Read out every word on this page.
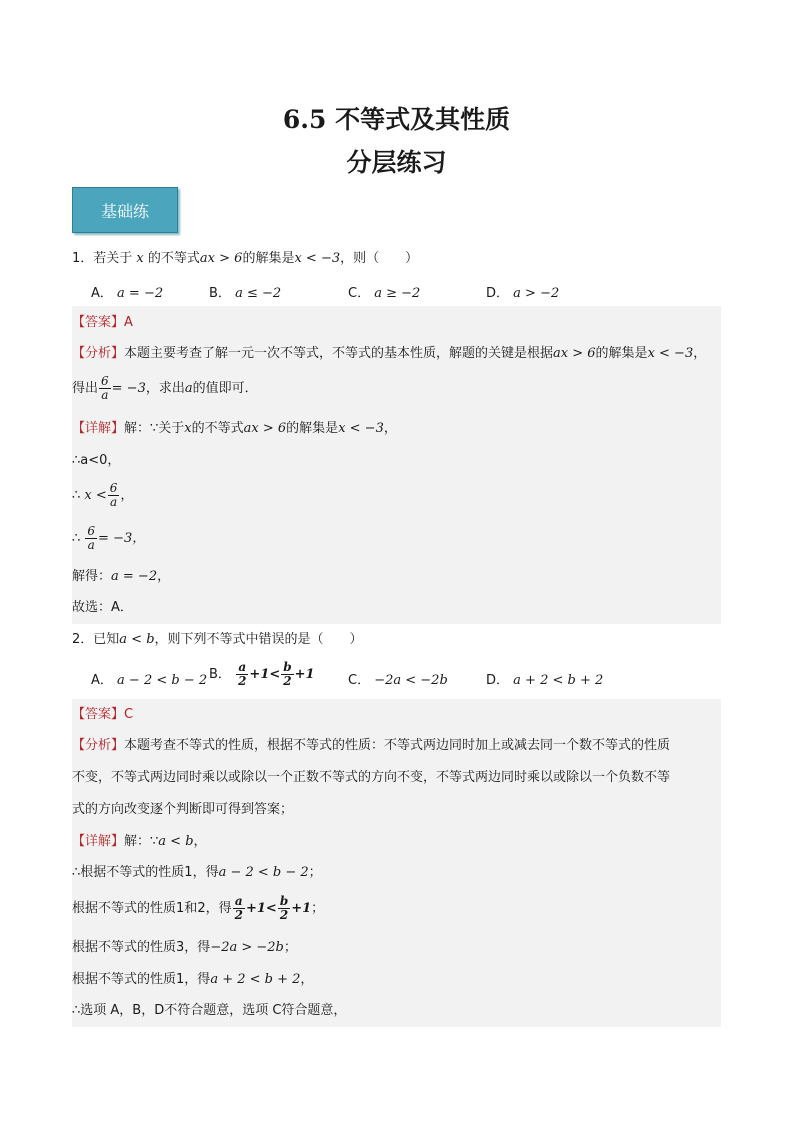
6.5 不等式及其性质
分层练习
基础练
1．若关于 x 的不等式ax > 6的解集是x < −3，则（　　）
A． a = −2	B． a ≤ −2	C． a ≥ −2	D． a > −2
【答案】A
【分析】本题主要考查了解一元一次不等式，不等式的基本性质，解题的关键是根据ax > 6的解集是x < −3，
得出 $\frac{6}{a} = -3$，求出a的值即可．
【详解】解：∵关于x的不等式ax > 6的解集是x < −3，
∴a<0，
∴ $x < \frac{6}{a}$ ，
∴ $\frac{6}{a} = -3$，
解得：a = −2，
故选：A．
2．已知a < b，则下列不等式中错误的是（　　）
A． a − 2 < b − 2 B． $\frac{a}{2} +1< \frac{b}{2} +1$	C． −2a < −2b	D． a + 2 < b + 2
【答案】C
【分析】本题考查不等式的性质，根据不等式的性质：不等式两边同时加上或减去同一个数不等式的性质
不变，不等式两边同时乘以或除以一个正数不等式的方向不变，不等式两边同时乘以或除以一个负数不等
式的方向改变逐个判断即可得到答案；
【详解】解：∵a < b，
∴根据不等式的性质1，得a − 2 < b − 2；
根据不等式的性质1和2，得 $\frac{a}{2} +1< \frac{b}{2} +1$；
根据不等式的性质3，得−2a > −2b；
根据不等式的性质1，得a + 2 < b + 2，
∴选项 A，B，D不符合题意，选项 C符合题意，
